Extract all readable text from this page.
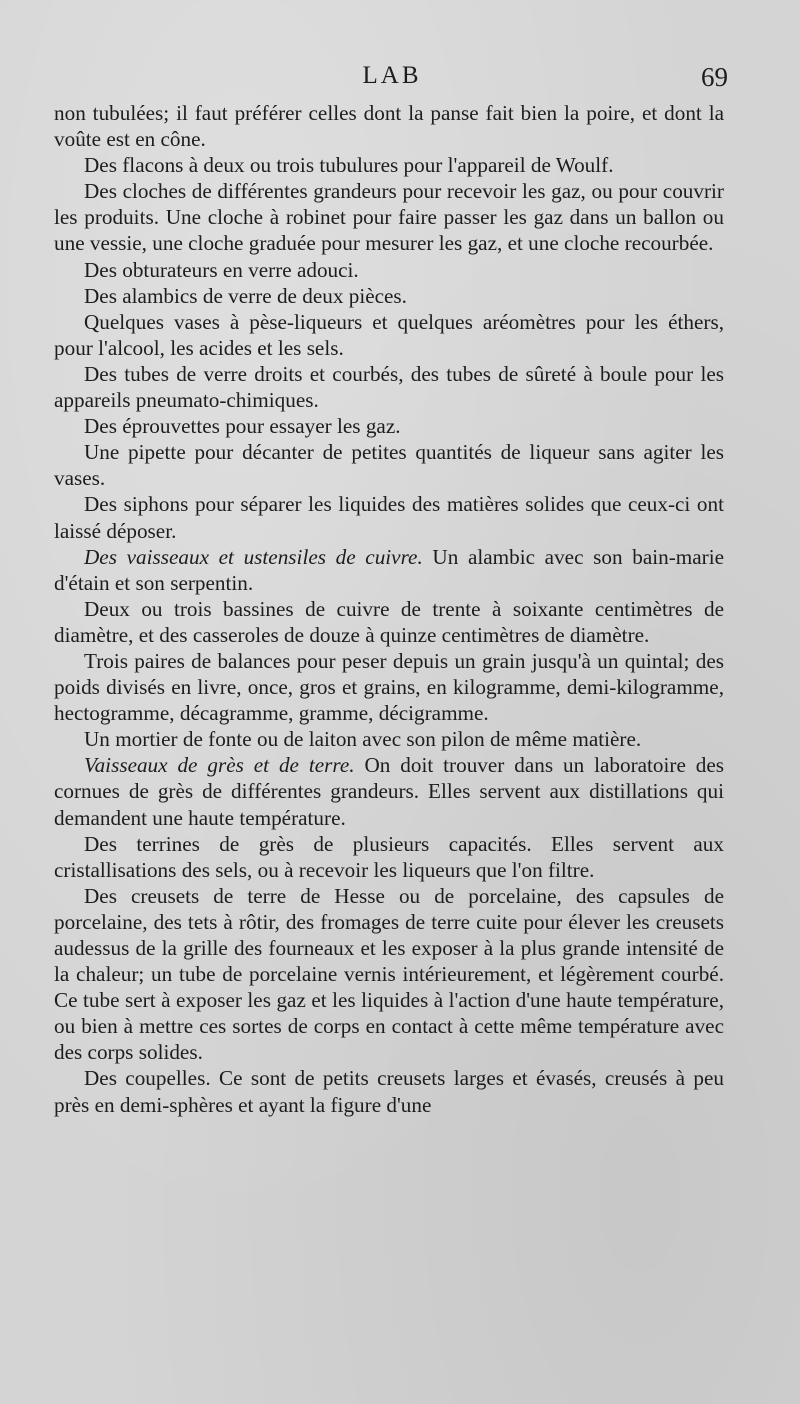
LAB	69

non tubulées; il faut préférer celles dont la panse fait bien la poire, et dont la voûte est en cône.

Des flacons à deux ou trois tubulures pour l'appareil de Woulf.

Des cloches de différentes grandeurs pour recevoir les gaz, ou pour couvrir les produits. Une cloche à robinet pour faire passer les gaz dans un ballon ou une vessie, une cloche graduée pour mesurer les gaz, et une cloche recourbée.

Des obturateurs en verre adouci.

Des alambics de verre de deux pièces.

Quelques vases à pèse-liqueurs et quelques aréomètres pour les éthers, pour l'alcool, les acides et les sels.

Des tubes de verre droits et courbés, des tubes de sûreté à boule pour les appareils pneumato-chimiques.

Des éprouvettes pour essayer les gaz.

Une pipette pour décanter de petites quantités de liqueur sans agiter les vases.

Des siphons pour séparer les liquides des matières solides que ceux-ci ont laissé déposer.

Des vaisseaux et ustensiles de cuivre. Un alambic avec son bain-marie d'étain et son serpentin.

Deux ou trois bassines de cuivre de trente à soixante centimètres de diamètre, et des casseroles de douze à quinze centimètres de diamètre.

Trois paires de balances pour peser depuis un grain jusqu'à un quintal; des poids divisés en livre, once, gros et grains, en kilogramme, demi-kilogramme, hectogramme, décagramme, gramme, décigramme.

Un mortier de fonte ou de laiton avec son pilon de même matière.

Vaisseaux de grès et de terre. On doit trouver dans un laboratoire des cornues de grès de différentes grandeurs. Elles servent aux distillations qui demandent une haute température.

Des terrines de grès de plusieurs capacités. Elles servent aux cristallisations des sels, ou à recevoir les liqueurs que l'on filtre.

Des creusets de terre de Hesse ou de porcelaine, des capsules de porcelaine, des tets à rôtir, des fromages de terre cuite pour élever les creusets audessus de la grille des fourneaux et les exposer à la plus grande intensité de la chaleur; un tube de porcelaine vernis intérieurement, et légèrement courbé. Ce tube sert à exposer les gaz et les liquides à l'action d'une haute température, ou bien à mettre ces sortes de corps en contact à cette même température avec des corps solides.

Des coupelles. Ce sont de petits creusets larges et évasés, creusés à peu près en demi-sphères et ayant la figure d'une
